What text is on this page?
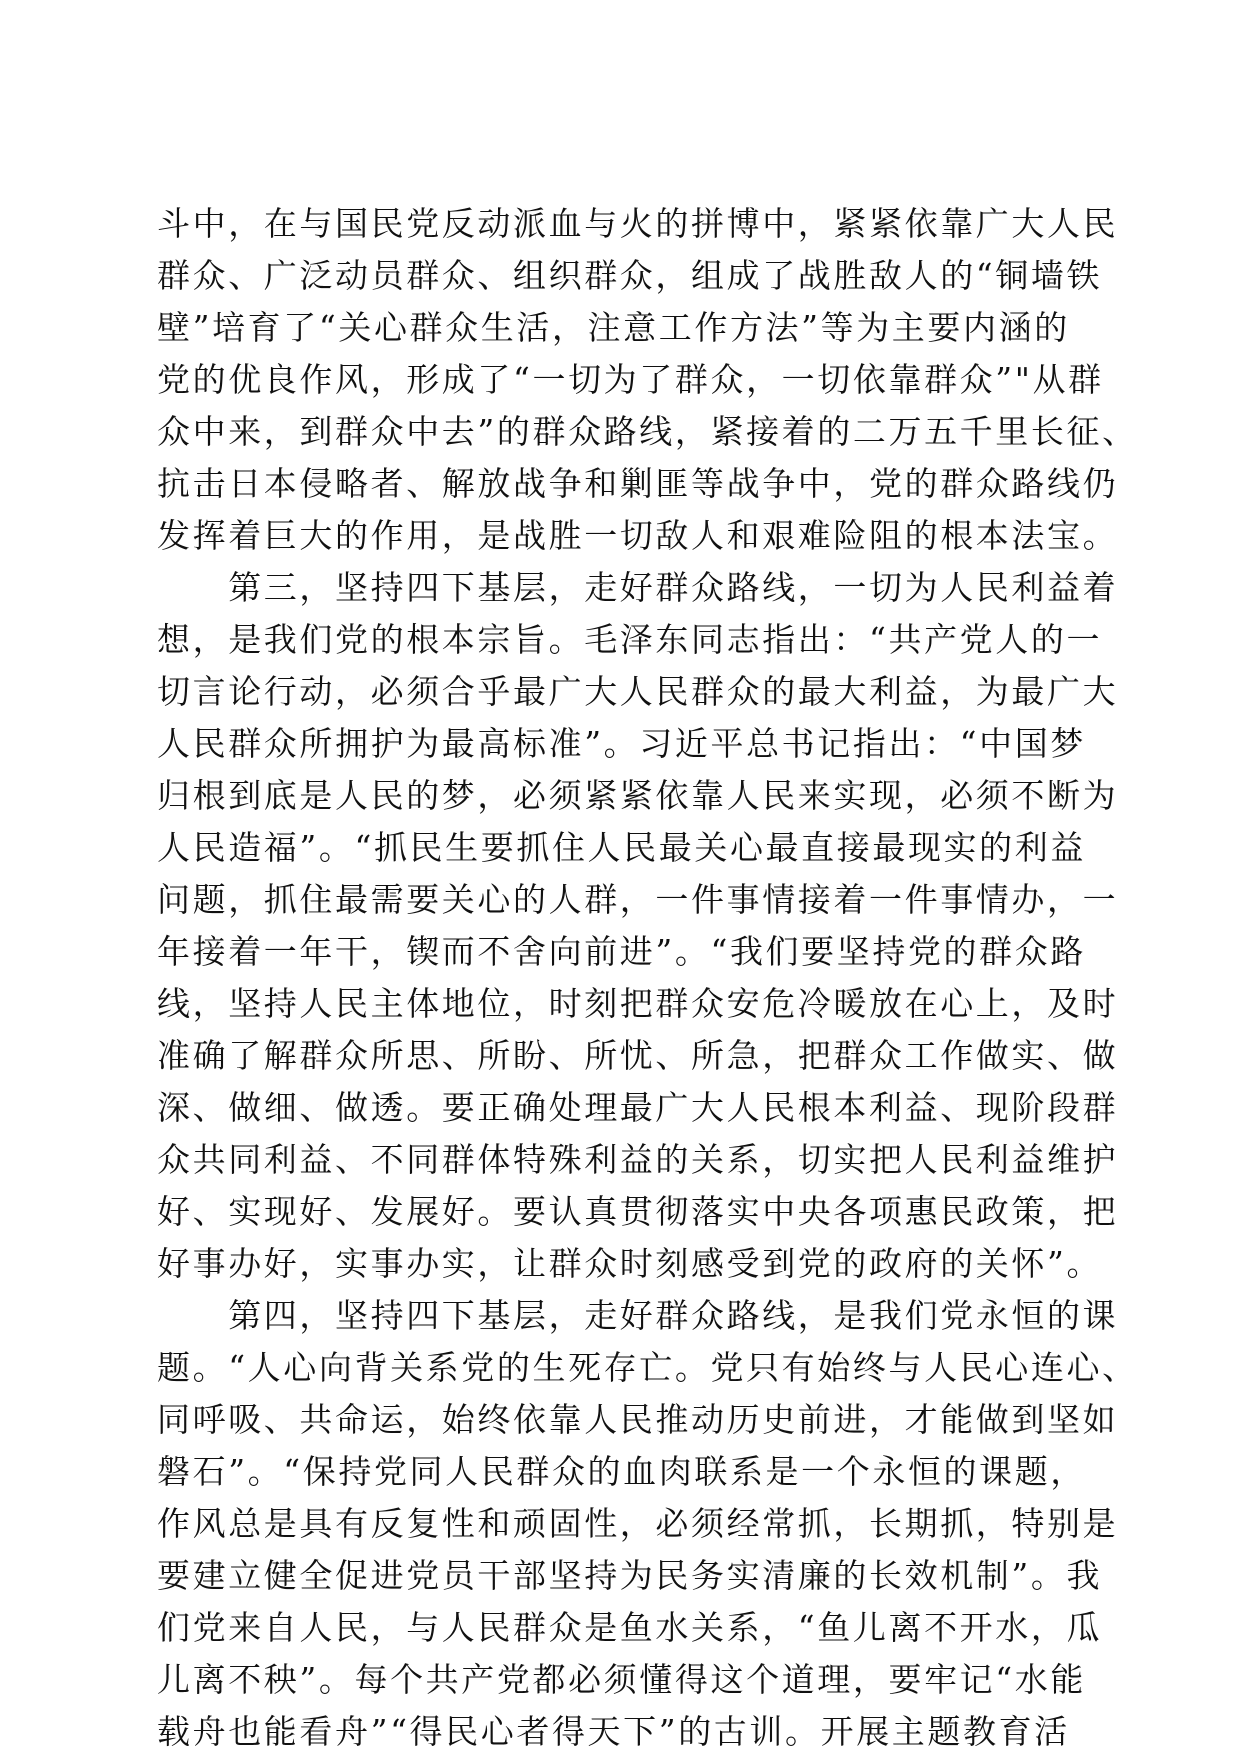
斗中，在与国民党反动派血与火的拼博中，紧紧依靠广大人民
群众、广泛动员群众、组织群众，组成了战胜敌人的“铜墙铁
壁”培育了“关心群众生活，注意工作方法”等为主要内涵的
党的优良作风，形成了“一切为了群众，一切依靠群众”"从群
众中来，到群众中去”的群众路线，紧接着的二万五千里长征、
抗击日本侵略者、解放战争和剿匪等战争中，党的群众路线仍
发挥着巨大的作用，是战胜一切敌人和艰难险阻的根本法宝。
　　第三，坚持四下基层，走好群众路线，一切为人民利益着
想，是我们党的根本宗旨。毛泽东同志指出：“共产党人的一
切言论行动，必须合乎最广大人民群众的最大利益，为最广大
人民群众所拥护为最高标准”。习近平总书记指出：“中国梦
归根到底是人民的梦，必须紧紧依靠人民来实现，必须不断为
人民造福”。“抓民生要抓住人民最关心最直接最现实的利益
问题，抓住最需要关心的人群，一件事情接着一件事情办，一
年接着一年干，锲而不舍向前进”。“我们要坚持党的群众路
线，坚持人民主体地位，时刻把群众安危冷暖放在心上，及时
准确了解群众所思、所盼、所忧、所急，把群众工作做实、做
深、做细、做透。要正确处理最广大人民根本利益、现阶段群
众共同利益、不同群体特殊利益的关系，切实把人民利益维护
好、实现好、发展好。要认真贯彻落实中央各项惠民政策，把
好事办好，实事办实，让群众时刻感受到党的政府的关怀”。
　　第四，坚持四下基层，走好群众路线，是我们党永恒的课
题。“人心向背关系党的生死存亡。党只有始终与人民心连心、
同呼吸、共命运，始终依靠人民推动历史前进，才能做到坚如
磐石”。“保持党同人民群众的血肉联系是一个永恒的课题，
作风总是具有反复性和顽固性，必须经常抓，长期抓，特别是
要建立健全促进党员干部坚持为民务实清廉的长效机制”。我
们党来自人民，与人民群众是鱼水关系，“鱼儿离不开水，瓜
儿离不秧”。每个共产党都必须懂得这个道理，要牢记“水能
载舟也能看舟”“得民心者得天下”的古训。开展主题教育活
